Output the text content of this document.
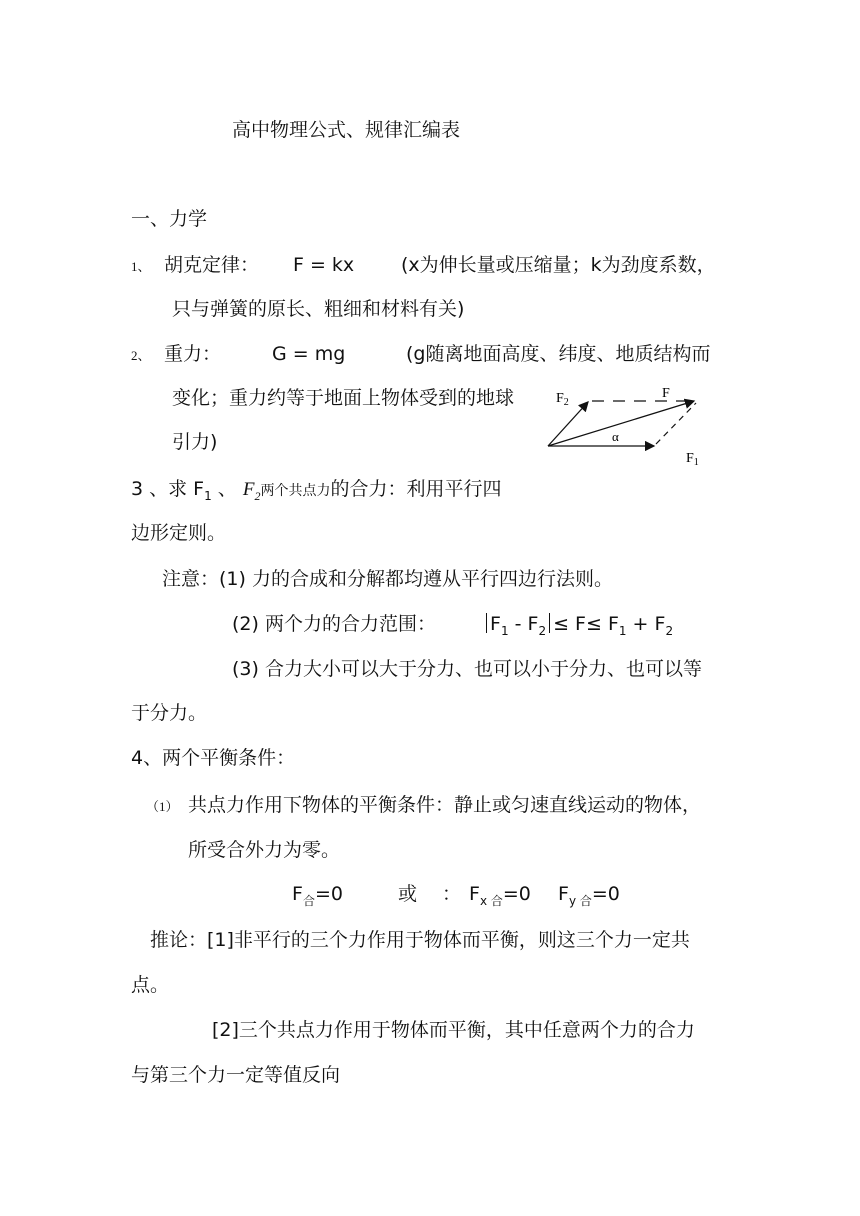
高中物理公式、规律汇编表
一、力学
1、 胡克定律： F = kx (x为伸长量或压缩量；k为劲度系数，
只与弹簧的原长、粗细和材料有关)
2、 重力：	G = mg	(g随离地面高度、纬度、地质结构而
变化；重力约等于地面上物体受到的地球
引力)
$F_2$
F
α
$F_1$
3 、求 $F_1$ 、 $F_2$两个共点力的合力：利用平行四
边形定则。
注意：(1) 力的合成和分解都均遵从平行四边行法则。
(2) 两个力的合力范围：	$F_1 - F_2 \le F\le F_1 + F_2$
(3) 合力大小可以大于分力、也可以小于分力、也可以等
于分力。
4、两个平衡条件：
（1） 共点力作用下物体的平衡条件：静止或匀速直线运动的物体，
所受合外力为零。
$F_合=0$	或 ： $F_{x 合}=0$ $F_{y 合}=0$
推论：[1]非平行的三个力作用于物体而平衡，则这三个力一定共
点。
[2]三个共点力作用于物体而平衡，其中任意两个力的合力
与第三个力一定等值反向
